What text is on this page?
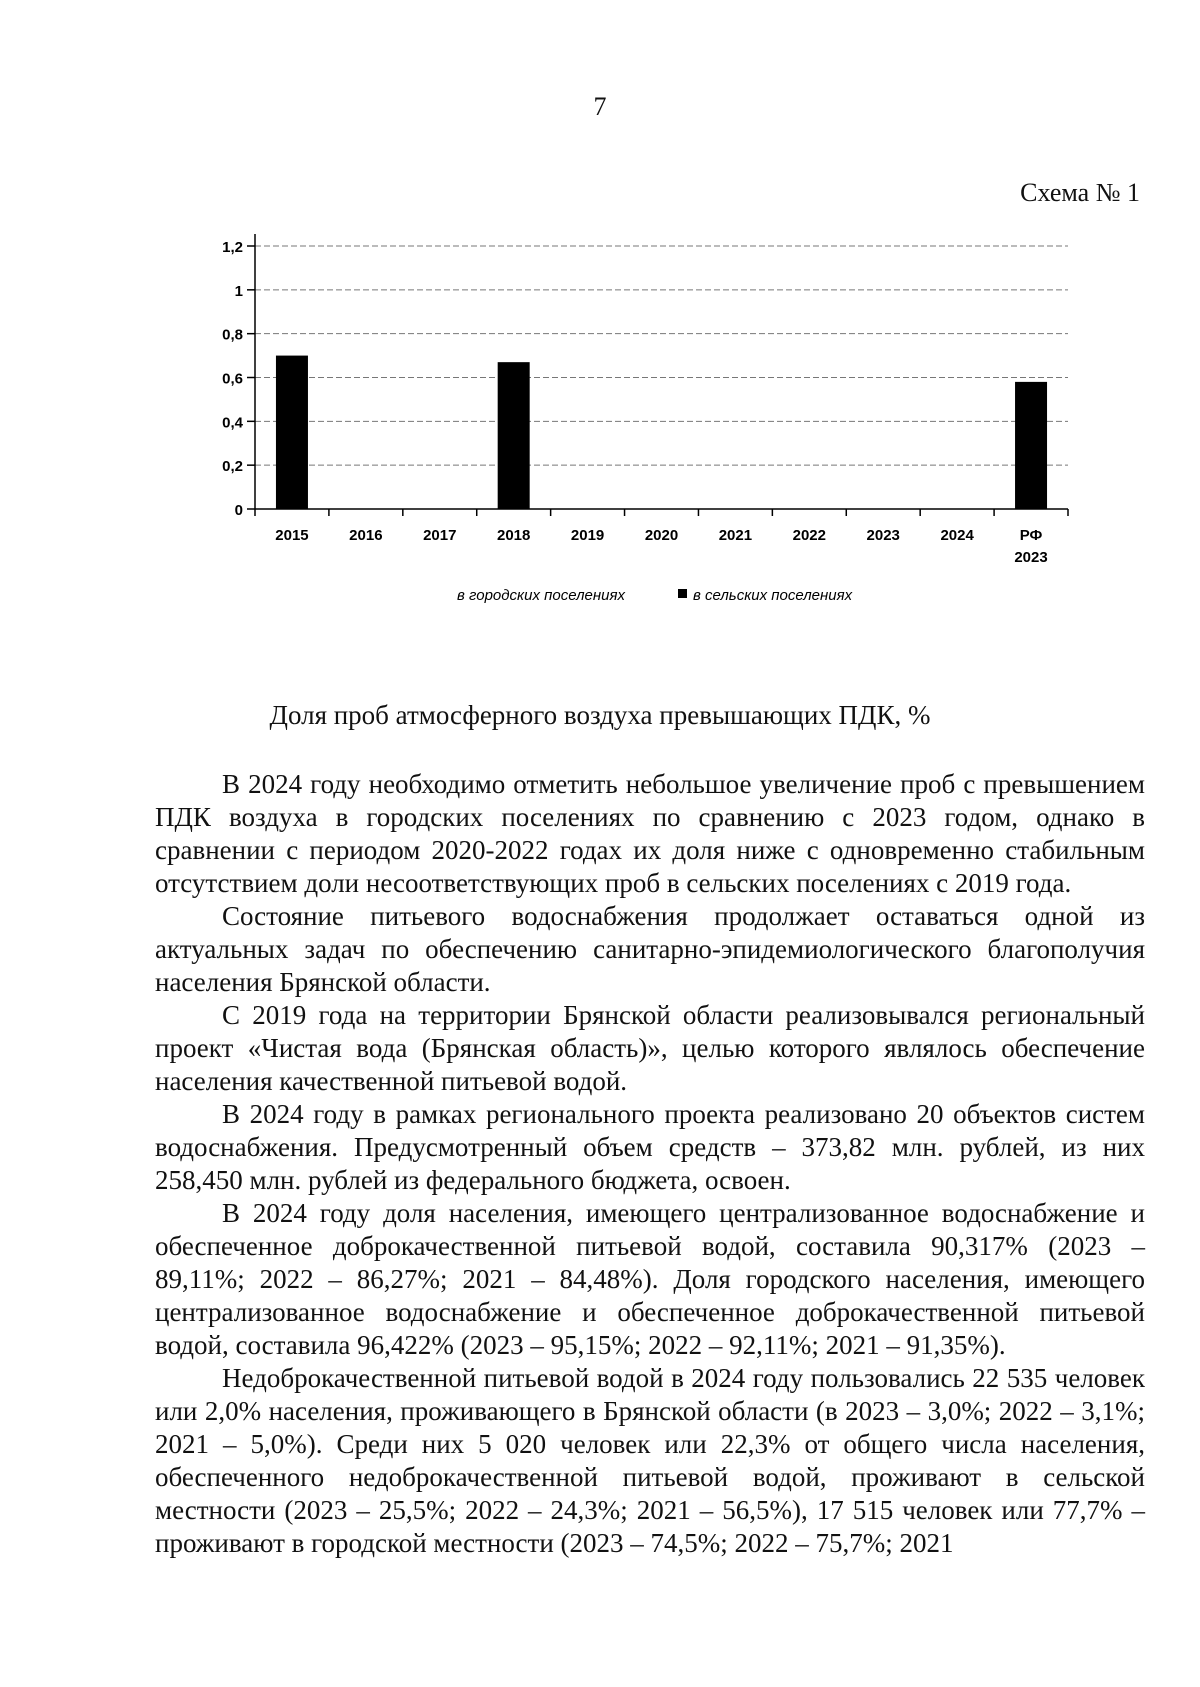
7
Схема № 1
0
0,2
0,4
0,6
0,8
1
1,2
2015	2016	2017	2018	2019	2020	2021	2022	2023	2024	РФ
2023
в городских поселениях	в сельских поселениях
Доля проб атмосферного воздуха превышающих ПДК, %

В 2024 году необходимо отметить небольшое увеличение проб с превышением ПДК воздуха в городских поселениях по сравнению с 2023 годом, однако в сравнении с периодом 2020-2022 годах их доля ниже с одновременно стабильным отсутствием доли несоответствующих проб в сельских поселениях с 2019 года.

Состояние питьевого водоснабжения продолжает оставаться одной из актуальных задач по обеспечению санитарно-эпидемиологического благополучия населения Брянской области.

С 2019 года на территории Брянской области реализовывался региональный проект «Чистая вода (Брянская область)», целью которого являлось обеспечение населения качественной питьевой водой.

В 2024 году в рамках регионального проекта реализовано 20 объектов систем водоснабжения. Предусмотренный объем средств – 373,82 млн. рублей, из них 258,450 млн. рублей из федерального бюджета, освоен.

В 2024 году доля населения, имеющего централизованное водоснабжение и обеспеченное доброкачественной питьевой водой, составила 90,317% (2023 – 89,11%; 2022 – 86,27%; 2021 – 84,48%). Доля городского населения, имеющего централизованное водоснабжение и обеспеченное доброкачественной питьевой водой, составила 96,422% (2023 – 95,15%; 2022 – 92,11%; 2021 – 91,35%).

Недоброкачественной питьевой водой в 2024 году пользовались 22 535 человек или 2,0% населения, проживающего в Брянской области (в 2023 – 3,0%; 2022 – 3,1%; 2021 – 5,0%). Среди них 5 020 человек или 22,3% от общего числа населения, обеспеченного недоброкачественной питьевой водой, проживают в сельской местности (2023 – 25,5%; 2022 – 24,3%; 2021 – 56,5%), 17 515 человек или 77,7% – проживают в городской местности (2023 – 74,5%; 2022 – 75,7%; 2021
